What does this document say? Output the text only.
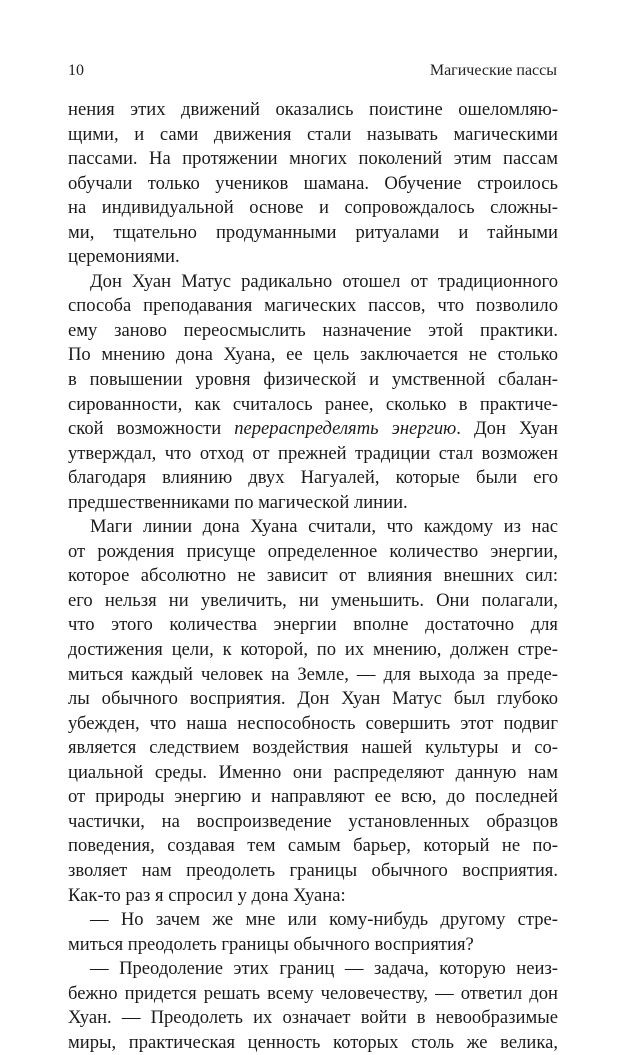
10	Магические пассы
нения этих движений оказались поистине ошеломляю-
щими, и сами движения стали называть магическими
пассами. На протяжении многих поколений этим пассам
обучали только учеников шамана. Обучение строилось
на индивидуальной основе и сопровождалось сложны-
ми, тщательно продуманными ритуалами и тайными
церемониями.
Дон Хуан Матус радикально отошел от традиционного
способа преподавания магических пассов, что позволило
ему заново переосмыслить назначение этой практики.
По мнению дона Хуана, ее цель заключается не столько
в повышении уровня физической и умственной сбалан-
сированности, как считалось ранее, сколько в практиче-
ской возможности перераспределять энергию. Дон Хуан
утверждал, что отход от прежней традиции стал возможен
благодаря влиянию двух Нагуалей, которые были его
предшественниками по магической линии.
Маги линии дона Хуана считали, что каждому из нас
от рождения присуще определенное количество энергии,
которое абсолютно не зависит от влияния внешних сил:
его нельзя ни увеличить, ни уменьшить. Они полагали,
что этого количества энергии вполне достаточно для
достижения цели, к которой, по их мнению, должен стре-
миться каждый человек на Земле, — для выхода за преде-
лы обычного восприятия. Дон Хуан Матус был глубоко
убежден, что наша неспособность совершить этот подвиг
является следствием воздействия нашей культуры и со-
циальной среды. Именно они распределяют данную нам
от природы энергию и направляют ее всю, до последней
частички, на воспроизведение установленных образцов
поведения, создавая тем самым барьер, который не по-
зволяет нам преодолеть границы обычного восприятия.
Как-то раз я спросил у дона Хуана:
— Но зачем же мне или кому-нибудь другому стре-
миться преодолеть границы обычного восприятия?
— Преодоление этих границ — задача, которую неиз-
бежно придется решать всему человечеству, — ответил дон
Хуан. — Преодолеть их означает войти в невообразимые
миры, практическая ценность которых столь же велика,
